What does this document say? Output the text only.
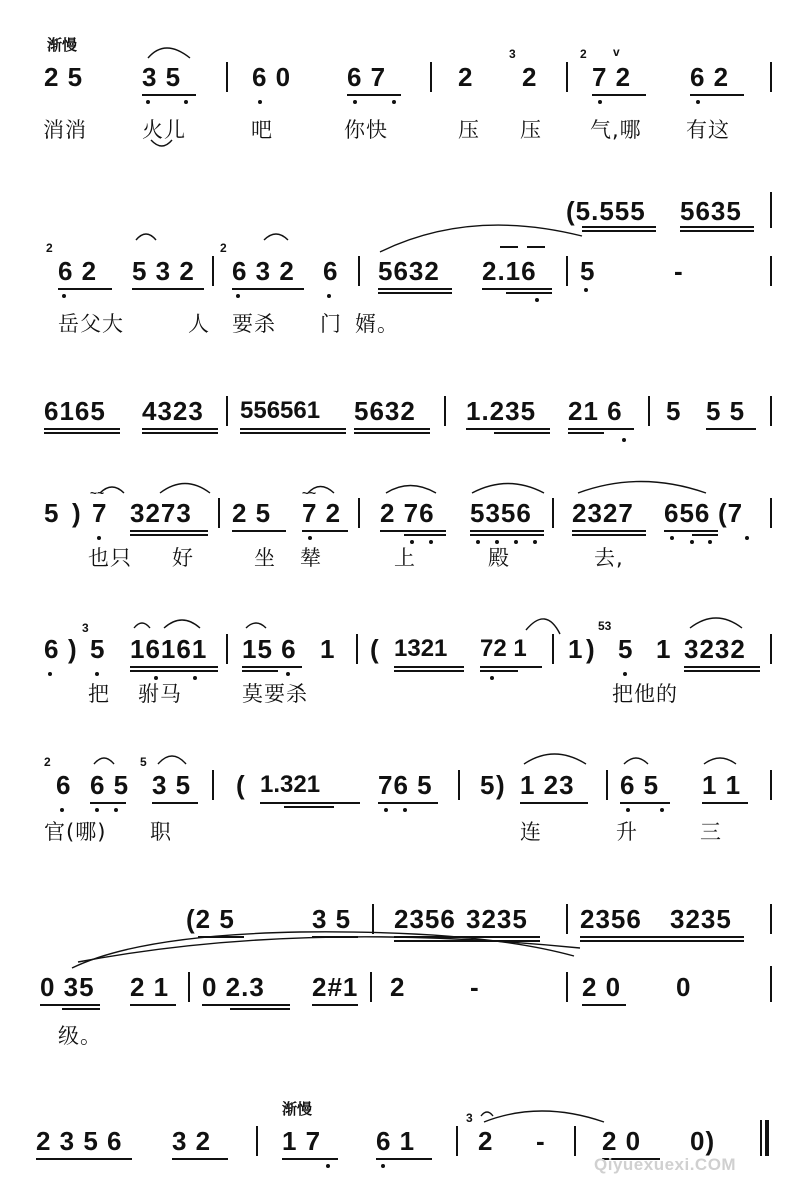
渐慢
2 5 3 5	6 0 6 7	2
3
2
2
7 2 6 2
v
消消	火儿	吧	你快	压 压 气,哪 有这
(5.555 5635
2
6 2 5 3 2
2
6 3 2 6 5632 2.16 5	-
岳父大	人 要杀 门 婿。
6165 4323 556561 5632 1.235 21 6 5 5 5
5 )
~~
7 3273 2 5
~~
7 2 2 76 5356 2327 656 (7
也只 好	坐 辇	上	殿	去,
6 )
3
5 16161 15 6 1 ( 1321 72 1 1 )
53
5 1 3232
把 驸马	莫要杀	把他的
2
6 6 5
5
3 5 ( 1.321 76 5 5 ) 1 23 6 5 1 1
官(哪) 职	连	升	三
(2 5	3 5 2356 3235 2356 3235
0 35 2 1 0 2.3 2#1 2 -	2 0 0
级。
渐慢
2 3 5 6 3 2	1 7 6 1
3
2 - 2 0 0)
Qiyuexuexi.COM
